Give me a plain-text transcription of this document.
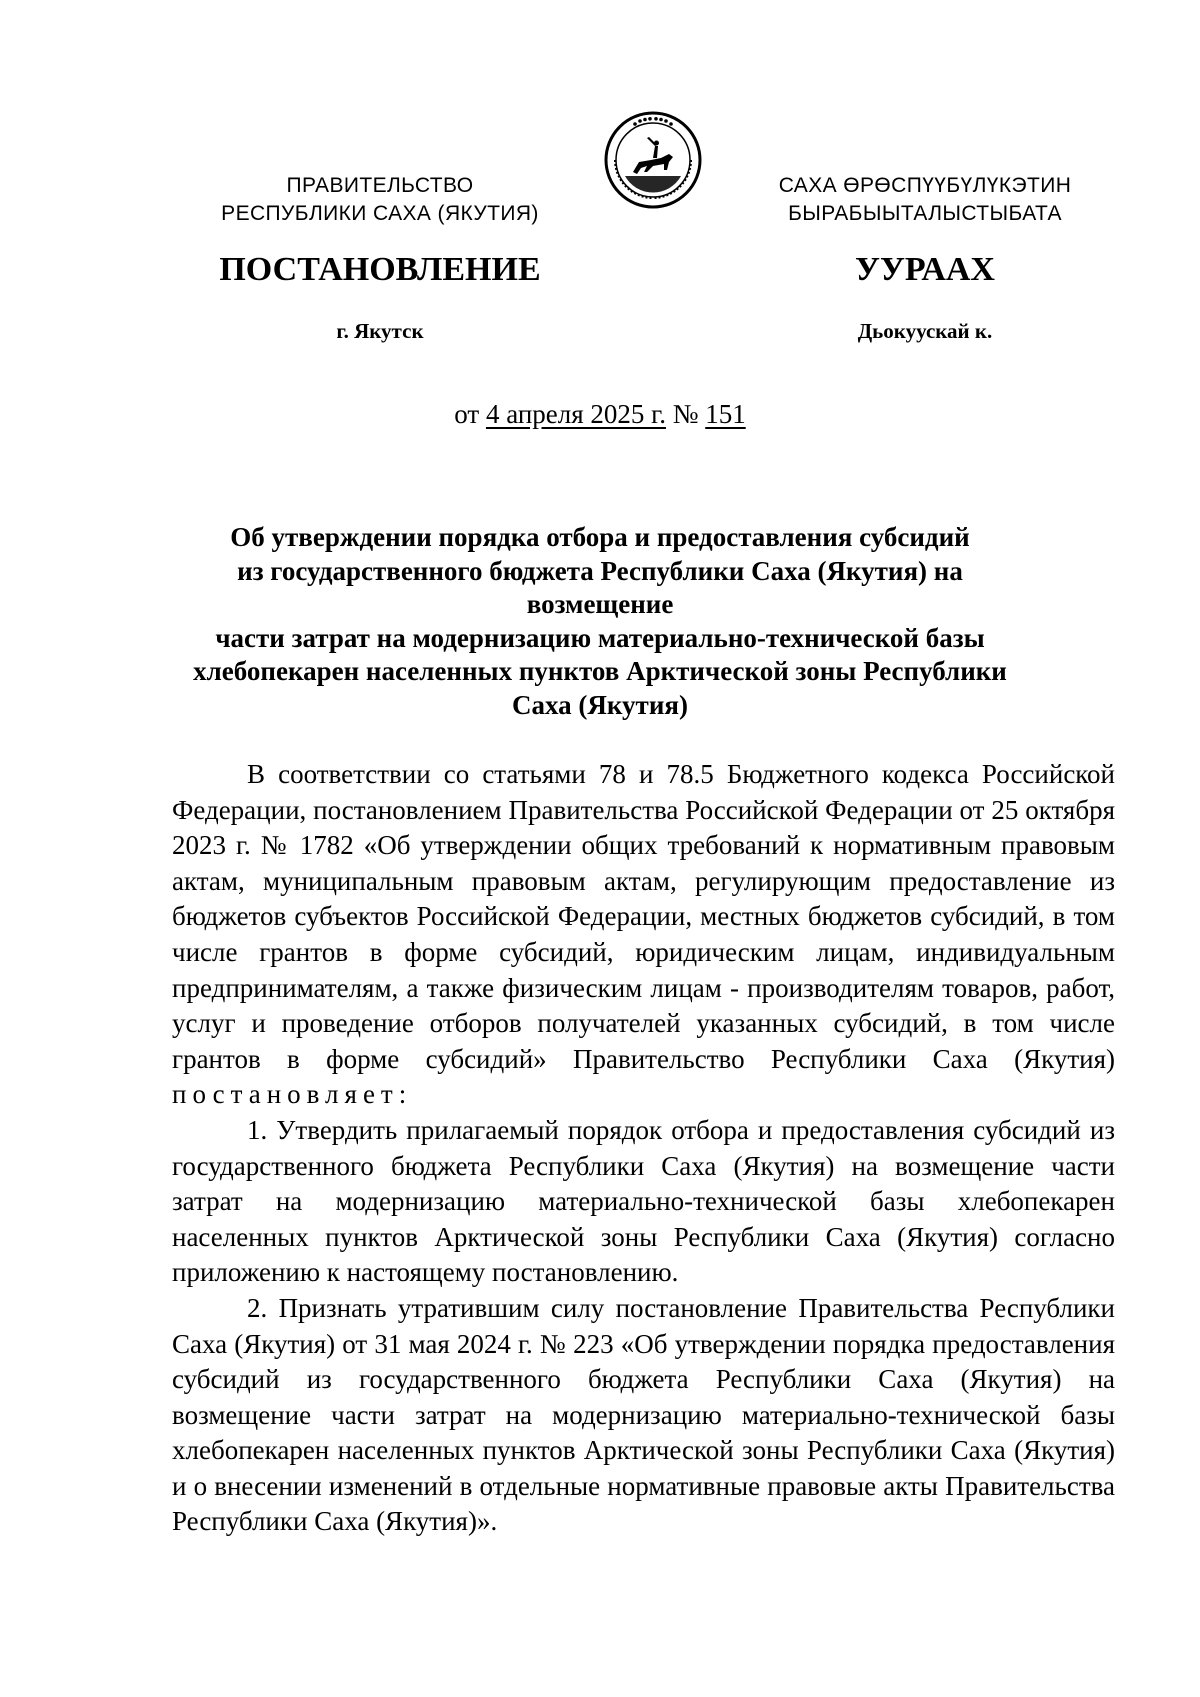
ПРАВИТЕЛЬСТВО
РЕСПУБЛИКИ САХА (ЯКУТИЯ)
САХА ӨРӨСПҮҮБҮЛҮКЭТИН
БЫРАБЫЫТАЛЫСТЫБАТА
ПОСТАНОВЛЕНИЕ	УУРААХ
г. Якутск	Дьокуускай к.
от 4 апреля 2025 г. № 151
Об утверждении порядка отбора и предоставления субсидий
из государственного бюджета Республики Саха (Якутия) на возмещение
части затрат на модернизацию материально-технической базы
хлебопекарен населенных пунктов Арктической зоны Республики
Саха (Якутия)

В соответствии со статьями 78 и 78.5 Бюджетного кодекса Российской Федерации, постановлением Правительства Российской Федерации от 25 октября 2023 г. № 1782 «Об утверждении общих требований к нормативным правовым актам, муниципальным правовым актам, регулирующим предоставление из бюджетов субъектов Российской Федерации, местных бюджетов субсидий, в том числе грантов в форме субсидий, юридическим лицам, индивидуальным предпринимателям, а также физическим лицам - производителям товаров, работ, услуг и проведение отборов получателей указанных субсидий, в том числе грантов в форме субсидий» Правительство Республики Саха (Якутия) постановляет:

1. Утвердить прилагаемый порядок отбора и предоставления субсидий из государственного бюджета Республики Саха (Якутия) на возмещение части затрат на модернизацию материально-технической базы хлебопекарен населенных пунктов Арктической зоны Республики Саха (Якутия) согласно приложению к настоящему постановлению.

2. Признать утратившим силу постановление Правительства Республики Саха (Якутия) от 31 мая 2024 г. № 223 «Об утверждении порядка предоставления субсидий из государственного бюджета Республики Саха (Якутия) на возмещение части затрат на модернизацию материально-технической базы хлебопекарен населенных пунктов Арктической зоны Республики Саха (Якутия) и о внесении изменений в отдельные нормативные правовые акты Правительства Республики Саха (Якутия)».
